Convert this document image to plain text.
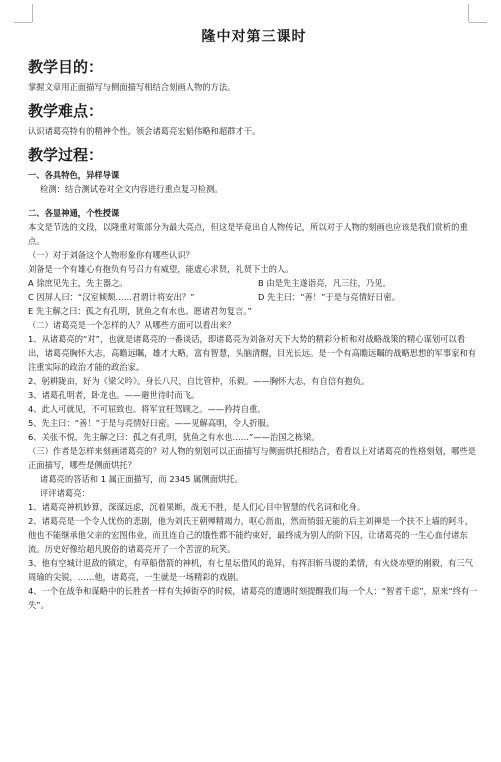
隆中对第三课时

教学目的：

掌握文章用正面描写与侧面描写相结合刻画人物的方法。

教学难点：

认识诸葛亮特有的精神个性，领会诸葛亮宏韬伟略和超群才干。

教学过程：

一、各具特色，异样导课

检测：结合测试卷对全文内容进行重点复习检测。

二、各显神通，个性授课

本文是节选的文段，以隆重对策部分为最大亮点，但这是毕竟出自人物传记，所以对于人物的刻画也应该是我们赏析的重点。

（一）对于刘备这个人物形象你有哪些认识？

刘备是一个有雄心有抱负有号召力有威望，能虚心求贤，礼贤下士的人。

A 徐庶见先主，先主器之。	B 由是先主遂诣亮，凡三往，乃见。
C 因屏人曰：“汉室倾颓……君谓计将安出？”	D 先主曰：“善！”于是与亮情好日密。

E 先主解之曰：孤之有孔明，犹鱼之有水也。愿诸君勿复言。”

（二）诸葛亮是一个怎样的人？从哪些方面可以看出来？

1、从诸葛亮的“对”，也就是诸葛亮的一番谈话，即诸葛亮为刘备对天下大势的精彩分析和对战略战策的精心谋划可以看出，诸葛亮胸怀大志，高瞻远瞩，雄才大略，富有智慧，头脑清醒，目光长远。是一个有高瞻远瞩的战略思想的军事家和有注重实际的政治才能的政治家。

2、躬耕陇亩，好为《梁父吟》。身长八尺，自比管仲，乐毅。——胸怀大志，有自信有抱负。

3、诸葛孔明者，卧龙也。——避世待时而飞。

4、此人可就见，不可屈致也。将军宜枉驾顾之。——矜持自重。

5、先主曰：“善！”于是与亮情好日密。——见解高明，令人折服。

6、关张不悦，先主解之曰：孤之有孔明，犹鱼之有水也……”——治国之栋梁。

（三）作者是怎样来刻画诸葛亮的？对人物的刻划可以正面描写与侧面烘托相结合，看看以上对诸葛亮的性格刻划，哪些是正面描写，哪些是侧面烘托？

诸葛亮的答话和 1 属正面描写，而 2345 属侧面烘托。

评评诸葛亮：

1、诸葛亮神机妙算，深谋远虑，沉着果断，战无不胜，是人们心目中智慧的代名词和化身。

2、诸葛亮是一个令人忧伤的悲剧，他为刘氏王朝殚精竭力，呕心沥血，然而悄弱无能的后主刘禅是一个扶不上墙的阿斗，他也不能继承他父亲的宏图伟业，而且连自己的饿性都不能约束好，最终成为别人的阶下囚，让诸葛亮的一生心血付诸东流。历史好像给超凡脱俗的诸葛亮开了一个苦涩的玩笑。

3、他有空城计退敌的镇定，有草船借箭的神机，有七星坛借风的诡异，有挥泪斩马谡的柔情，有火烧赤壁的刚毅，有三气周瑜的尖锐，……他，诸葛亮，一生就是一场精彩的戏剧。

4、一个在战争和谋略中的长胜者一样有失掉街亭的时候，诸葛亮的遭遇时刻提醒我们每一个人：“智者千虑”，原来“终有一失”。
